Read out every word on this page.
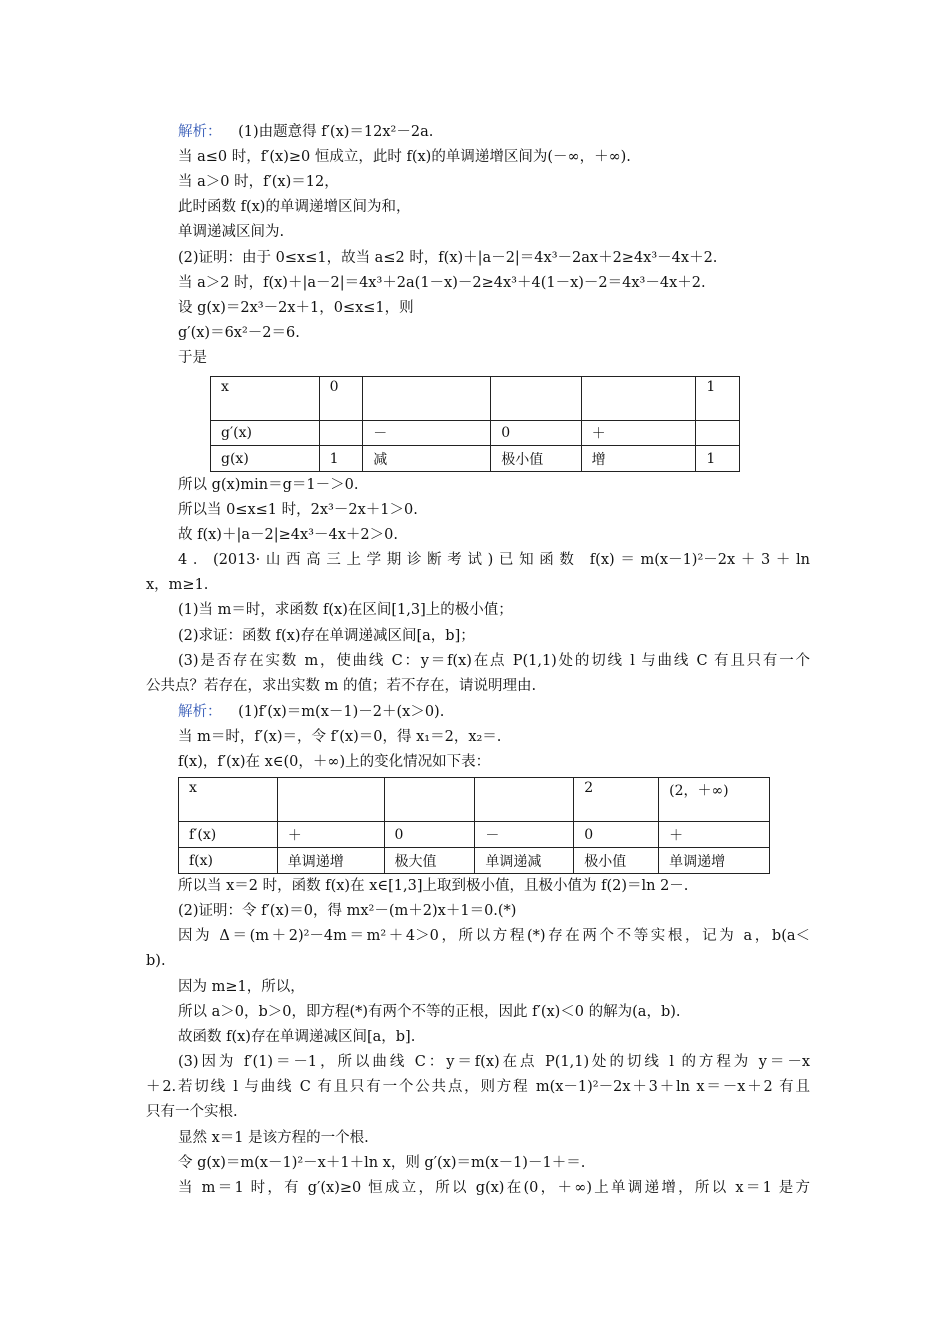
解析： (1)由题意得 f′(x)＝12x²－2a.
当 a≤0 时，f′(x)≥0 恒成立，此时 f(x)的单调递增区间为(－∞，＋∞).
当 a＞0 时，f′(x)＝12，
此时函数 f(x)的单调递增区间为和，
单调递减区间为.
(2)证明：由于 0≤x≤1，故当 a≤2 时，f(x)＋|a－2|＝4x³－2ax＋2≥4x³－4x＋2.
当 a＞2 时，f(x)＋|a－2|＝4x³＋2a(1－x)－2≥4x³＋4(1－x)－2＝4x³－4x＋2.
设 g(x)＝2x³－2x＋1，0≤x≤1，则
g′(x)＝6x²－2＝6.
于是
x	0				1
g′(x)		－	0	＋	
g(x)	1	减	极小值	增	1
所以 g(x)min＝g＝1－＞0.
所以当 0≤x≤1 时，2x³－2x＋1＞0.
故 f(x)＋|a－2|≥4x³－4x＋2＞0.
4．(2013·山西高三上学期诊断考试)已知函数 f(x)＝m(x－1)²－2x＋3＋ln
x，m≥1.
(1)当 m＝时，求函数 f(x)在区间[1,3]上的极小值；
(2)求证：函数 f(x)存在单调递减区间[a，b]；
(3)是否存在实数 m，使曲线 C：y＝f(x)在点 P(1,1)处的切线 l 与曲线 C 有且只有一个
公共点？若存在，求出实数 m 的值；若不存在，请说明理由.
解析： (1)f′(x)＝m(x－1)－2＋(x＞0).
当 m＝时，f′(x)＝，令 f′(x)＝0，得 x₁＝2，x₂＝.
f(x)，f′(x)在 x∈(0，＋∞)上的变化情况如下表：
x				2	(2，＋∞)
f′(x)	＋	0	－	0	＋
f(x)	单调递增	极大值	单调递减	极小值	单调递增
所以当 x＝2 时，函数 f(x)在 x∈[1,3]上取到极小值，且极小值为 f(2)＝ln 2－.
(2)证明：令 f′(x)＝0，得 mx²－(m＋2)x＋1＝0.(*)
因为 Δ＝(m＋2)²－4m＝m²＋4＞0，所以方程(*)存在两个不等实根，记为 a，b(a＜
b).
因为 m≥1，所以，
所以 a＞0，b＞0，即方程(*)有两个不等的正根，因此 f′(x)＜0 的解为(a，b).
故函数 f(x)存在单调递减区间[a，b].
(3)因为 f′(1)＝－1，所以曲线 C：y＝f(x)在点 P(1,1)处的切线 l 的方程为 y＝－x
＋2.若切线 l 与曲线 C 有且只有一个公共点，则方程 m(x－1)²－2x＋3＋ln x＝－x＋2 有且
只有一个实根.
显然 x＝1 是该方程的一个根.
令 g(x)＝m(x－1)²－x＋1＋ln x，则 g′(x)＝m(x－1)－1＋＝.
当 m＝1 时，有 g′(x)≥0 恒成立，所以 g(x)在(0，＋∞)上单调递增，所以 x＝1 是方
